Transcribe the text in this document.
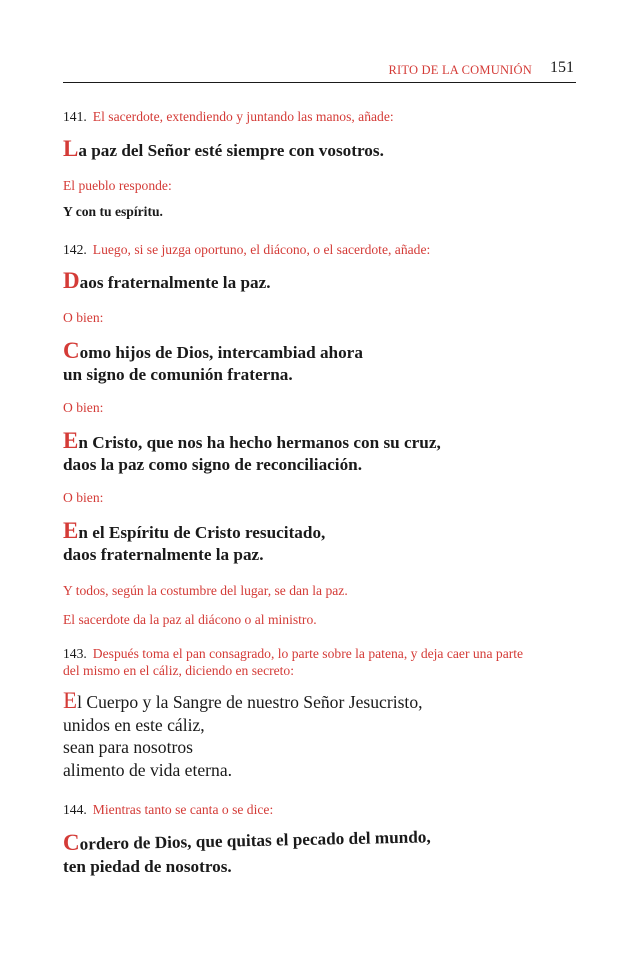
RITO DE LA COMUNIÓN 151

141. El sacerdote, extendiendo y juntando las manos, añade:

La paz del Señor esté siempre con vosotros.

El pueblo responde:

Y con tu espíritu.

142. Luego, si se juzga oportuno, el diácono, o el sacerdote, añade:

Daos fraternalmente la paz.

O bien:

Como hijos de Dios, intercambiad ahora
un signo de comunión fraterna.

O bien:

En Cristo, que nos ha hecho hermanos con su cruz,
daos la paz como signo de reconciliación.

O bien:

En el Espíritu de Cristo resucitado,
daos fraternalmente la paz.

Y todos, según la costumbre del lugar, se dan la paz.

El sacerdote da la paz al diácono o al ministro.

143. Después toma el pan consagrado, lo parte sobre la patena, y deja caer una parte
del mismo en el cáliz, diciendo en secreto:

El Cuerpo y la Sangre de nuestro Señor Jesucristo,
unidos en este cáliz,
sean para nosotros
alimento de vida eterna.

144. Mientras tanto se canta o se dice:

Cordero de Dios, que quitas el pecado del mundo,
ten piedad de nosotros.
